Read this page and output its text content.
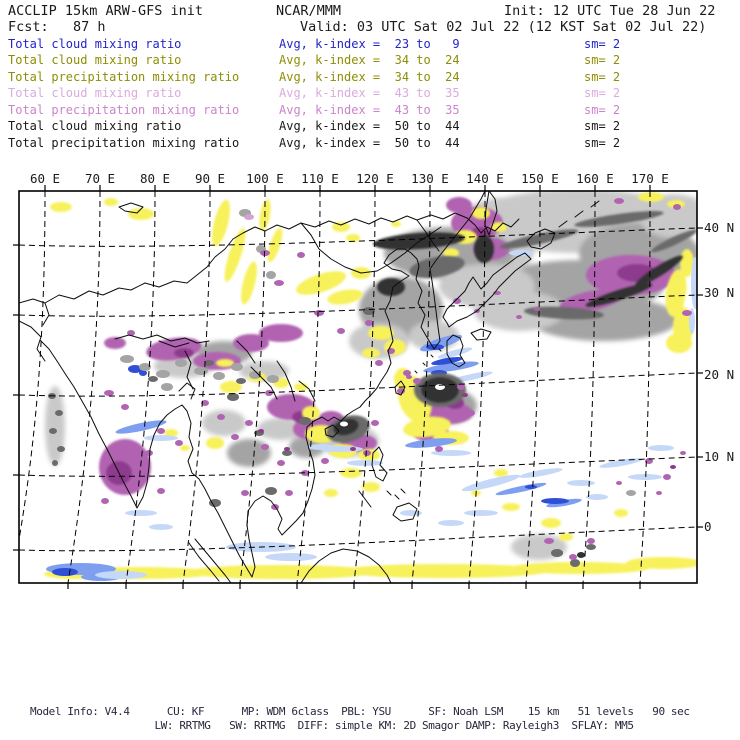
ACCLIP 15km ARW-GFS init	NCAR/MMM	Init: 12 UTC Tue 28 Jun 22
Fcst:   87 h	Valid: 03 UTC Sat 02 Jul 22 (12 KST Sat 02 Jul 22)
Total cloud mixing ratio	Avg, k-index =  23 to   9	sm= 2
Total cloud mixing ratio	Avg, k-index =  34 to  24	sm= 2
Total precipitation mixing ratio	Avg, k-index =  34 to  24	sm= 2
Total cloud mixing ratio	Avg, k-index =  43 to  35	sm= 2
Total precipitation mixing ratio	Avg, k-index =  43 to  35	sm= 2
Total cloud mixing ratio	Avg, k-index =  50 to  44	sm= 2
Total precipitation mixing ratio	Avg, k-index =  50 to  44	sm= 2
60 E 70 E 80 E 90 E 100 E 110 E 120 E 130 E 140 E 150 E 160 E 170 E
40 N
30 N
20 N
10 N
0
Model Info: V4.4      CU: KF      MP: WDM 6class  PBL: YSU      SF: Noah LSM    15 km   51 levels   90 sec
LW: RRTMG   SW: RRTMG  DIFF: simple KM: 2D Smagor DAMP: Rayleigh3  SFLAY: MM5
